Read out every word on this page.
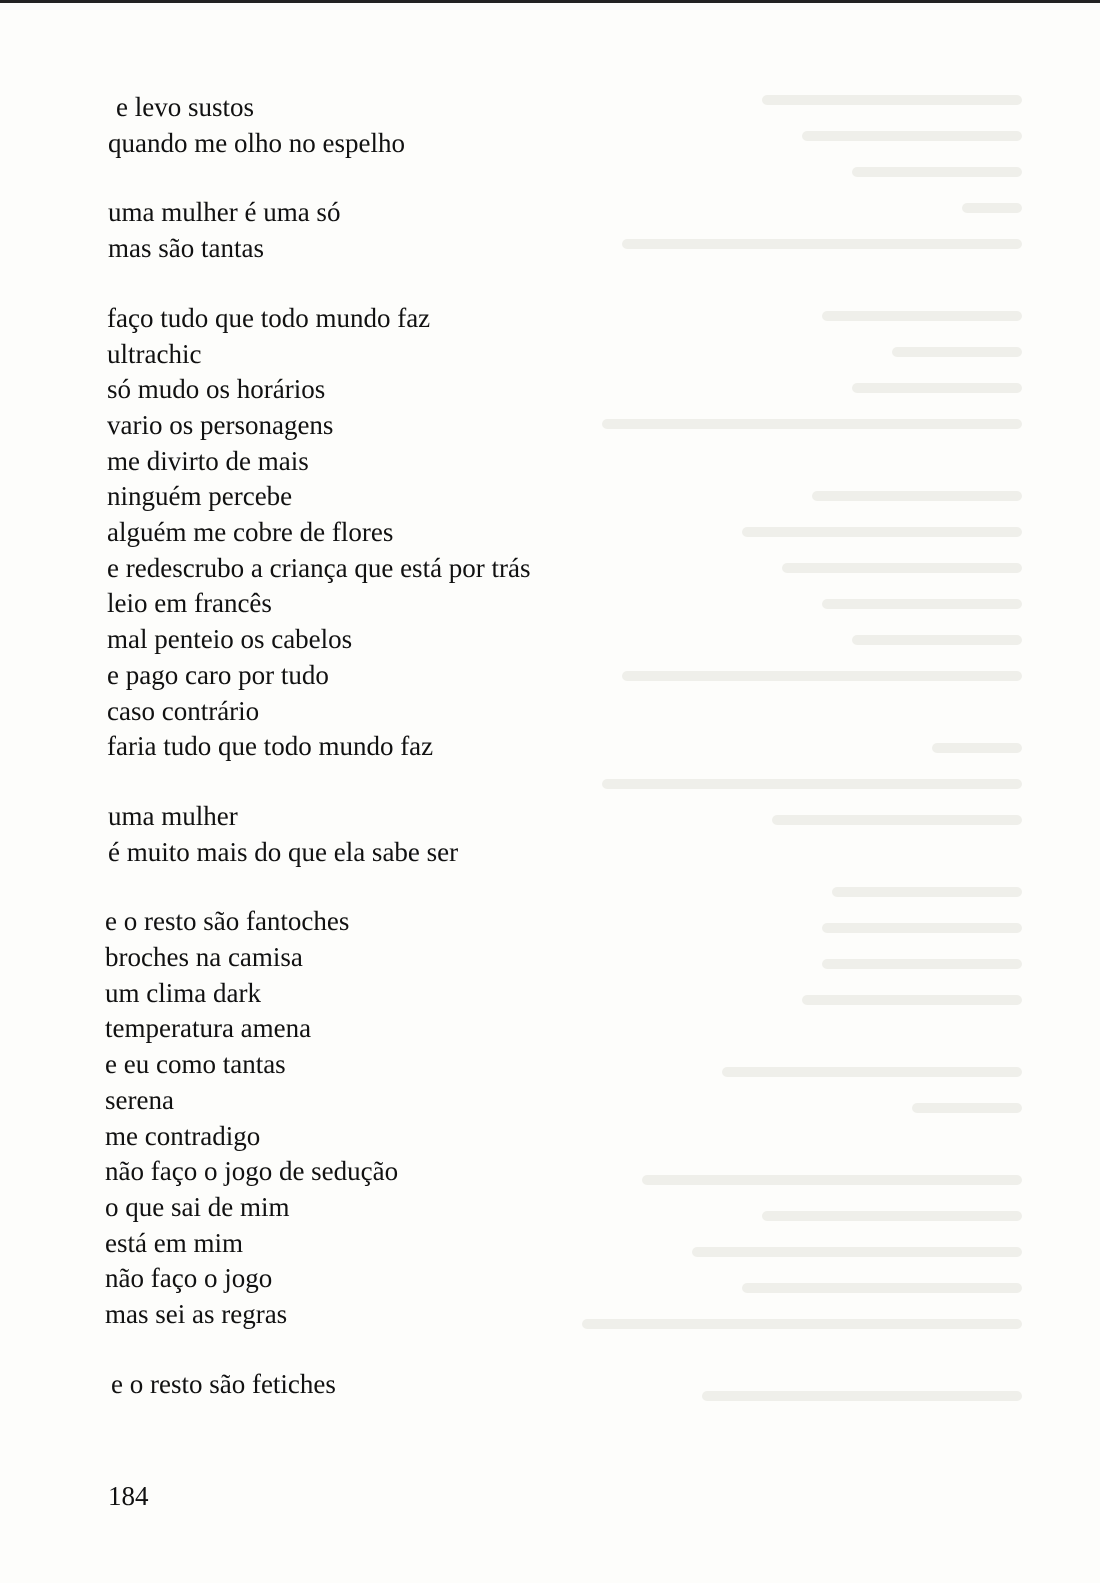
e levo sustos
quando me olho no espelho
uma mulher é uma só
mas são tantas
faço tudo que todo mundo faz
ultrachic
só mudo os horários
vario os personagens
me divirto de mais
ninguém percebe
alguém me cobre de flores
e redescrubo a criança que está por trás
leio em francês
mal penteio os cabelos
e pago caro por tudo
caso contrário
faria tudo que todo mundo faz
uma mulher
é muito mais do que ela sabe ser
e o resto são fantoches
broches na camisa
um clima dark
temperatura amena
e eu como tantas
serena
me contradigo
não faço o jogo de sedução
o que sai de mim
está em mim
não faço o jogo
mas sei as regras
e o resto são fetiches
184
